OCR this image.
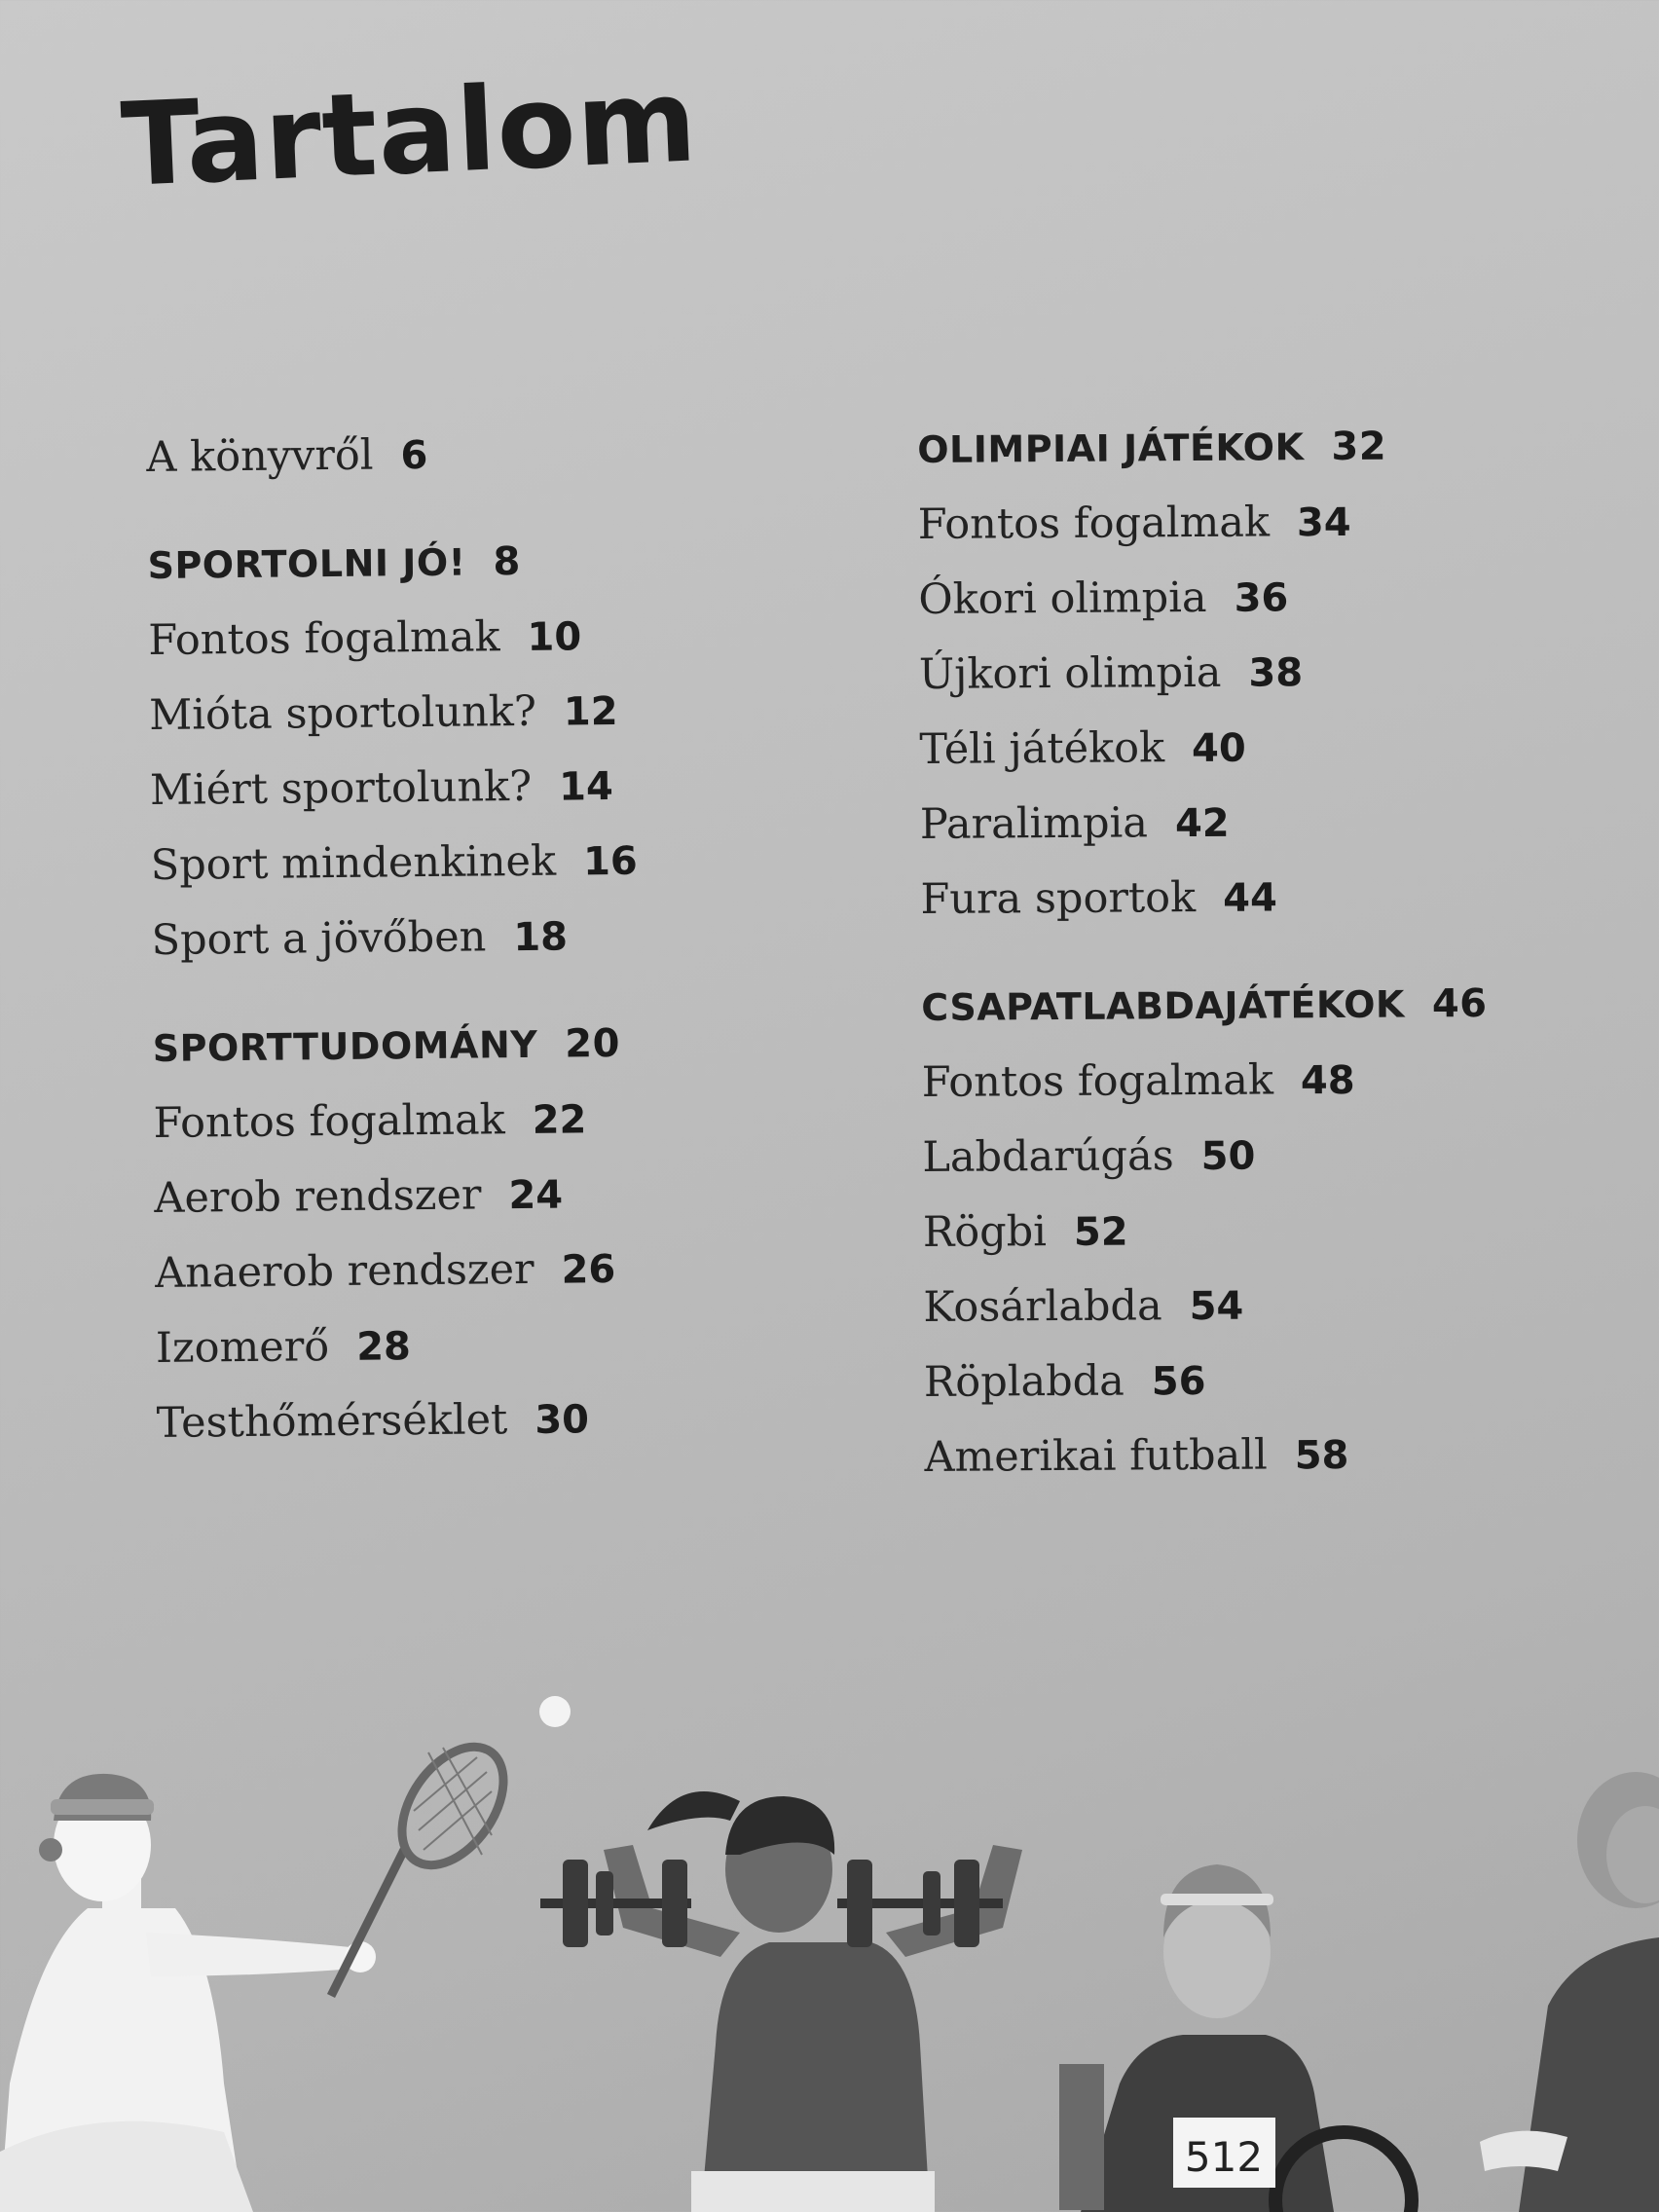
Tartalom
A könyvről 6
SPORTOLNI JÓ! 8
Fontos fogalmak 10
Mióta sportolunk? 12
Miért sportolunk? 14
Sport mindenkinek 16
Sport a jövőben 18
SPORTTUDOMÁNY 20
Fontos fogalmak 22
Aerob rendszer 24
Anaerob rendszer 26
Izomerő 28
Testhőmérséklet 30
OLIMPIAI JÁTÉKOK 32
Fontos fogalmak 34
Ókori olimpia 36
Újkori olimpia 38
Téli játékok 40
Paralimpia 42
Fura sportok 44
CSAPATLABDAJÁTÉKOK 46
Fontos fogalmak 48
Labdarúgás 50
Rögbi 52
Kosárlabda 54
Röplabda 56
Amerikai futball 58
512
